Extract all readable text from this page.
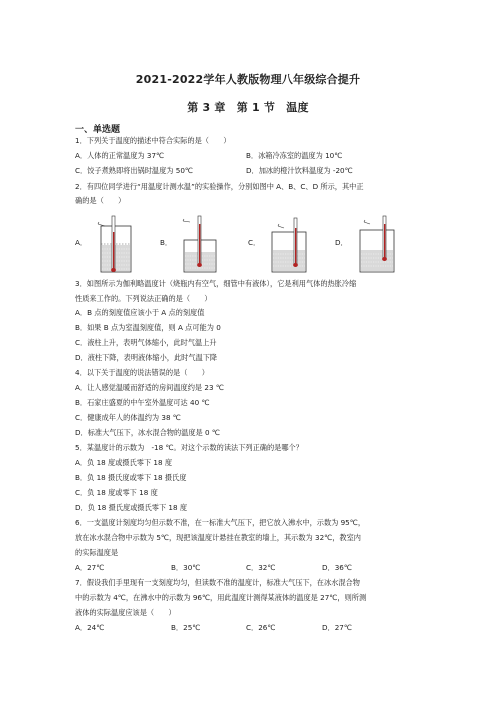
2021-2022学年人教版物理八年级综合提升
第 3 章　第 1 节　温度
一、单选题
1．下列关于温度的描述中符合实际的是（　　）
A．人体的正常温度为 37℃	B．冰箱冷冻室的温度为 10℃
C．饺子煮熟即将出锅时温度为 50℃	D．加冰的橙汁饮料温度为 -20℃
2．有四位同学进行“用温度计测水温”的实验操作，分别如图中 A、B、C、D 所示，其中正
确的是（　　）
A．	B．	C．	D．
3．如图所示为伽利略温度计（烧瓶内有空气，细管中有液体），它是利用气体的热胀冷缩
性质来工作的。下列说法正确的是（　　）
A．B 点的刻度值应该小于 A 点的刻度值
B．如果 B 点为室温刻度值，则 A 点可能为 0
C．液柱上升，表明气体缩小，此时气温上升
D．液柱下降，表明液体缩小，此时气温下降
4．以下关于温度的说法错误的是（　　）
A．让人感觉温暖而舒适的房间温度约是 23 ℃
B．石家庄盛夏的中午室外温度可达 40 ℃
C．健康成年人的体温约为 38 ℃
D．标准大气压下，冰水混合物的温度是 0 ℃
5．某温度计的示数为　-18 ℃。对这个示数的读法下列正确的是哪个？
A．负 18 度或摄氏零下 18 度
B．负 18 摄氏度或零下 18 摄氏度
C．负 18 度或零下 18 度
D．负 18 摄氏度或摄氏零下 18 度
6．一支温度计刻度均匀但示数不准，在一标准大气压下，把它放入沸水中，示数为 95℃，
放在冰水混合物中示数为 5℃，现把该温度计悬挂在教室的墙上，其示数为 32℃，教室内
的实际温度是
A．27℃	B．30℃	C．32℃	D．36℃
7．假设我们手里现有一支刻度均匀，但读数不准的温度计，标准大气压下，在冰水混合物
中的示数为 4℃，在沸水中的示数为 96℃，用此温度计测得某液体的温度是 27℃，则所测
液体的实际温度应该是（　　）
A．24℃	B．25℃	C．26℃	D．27℃
